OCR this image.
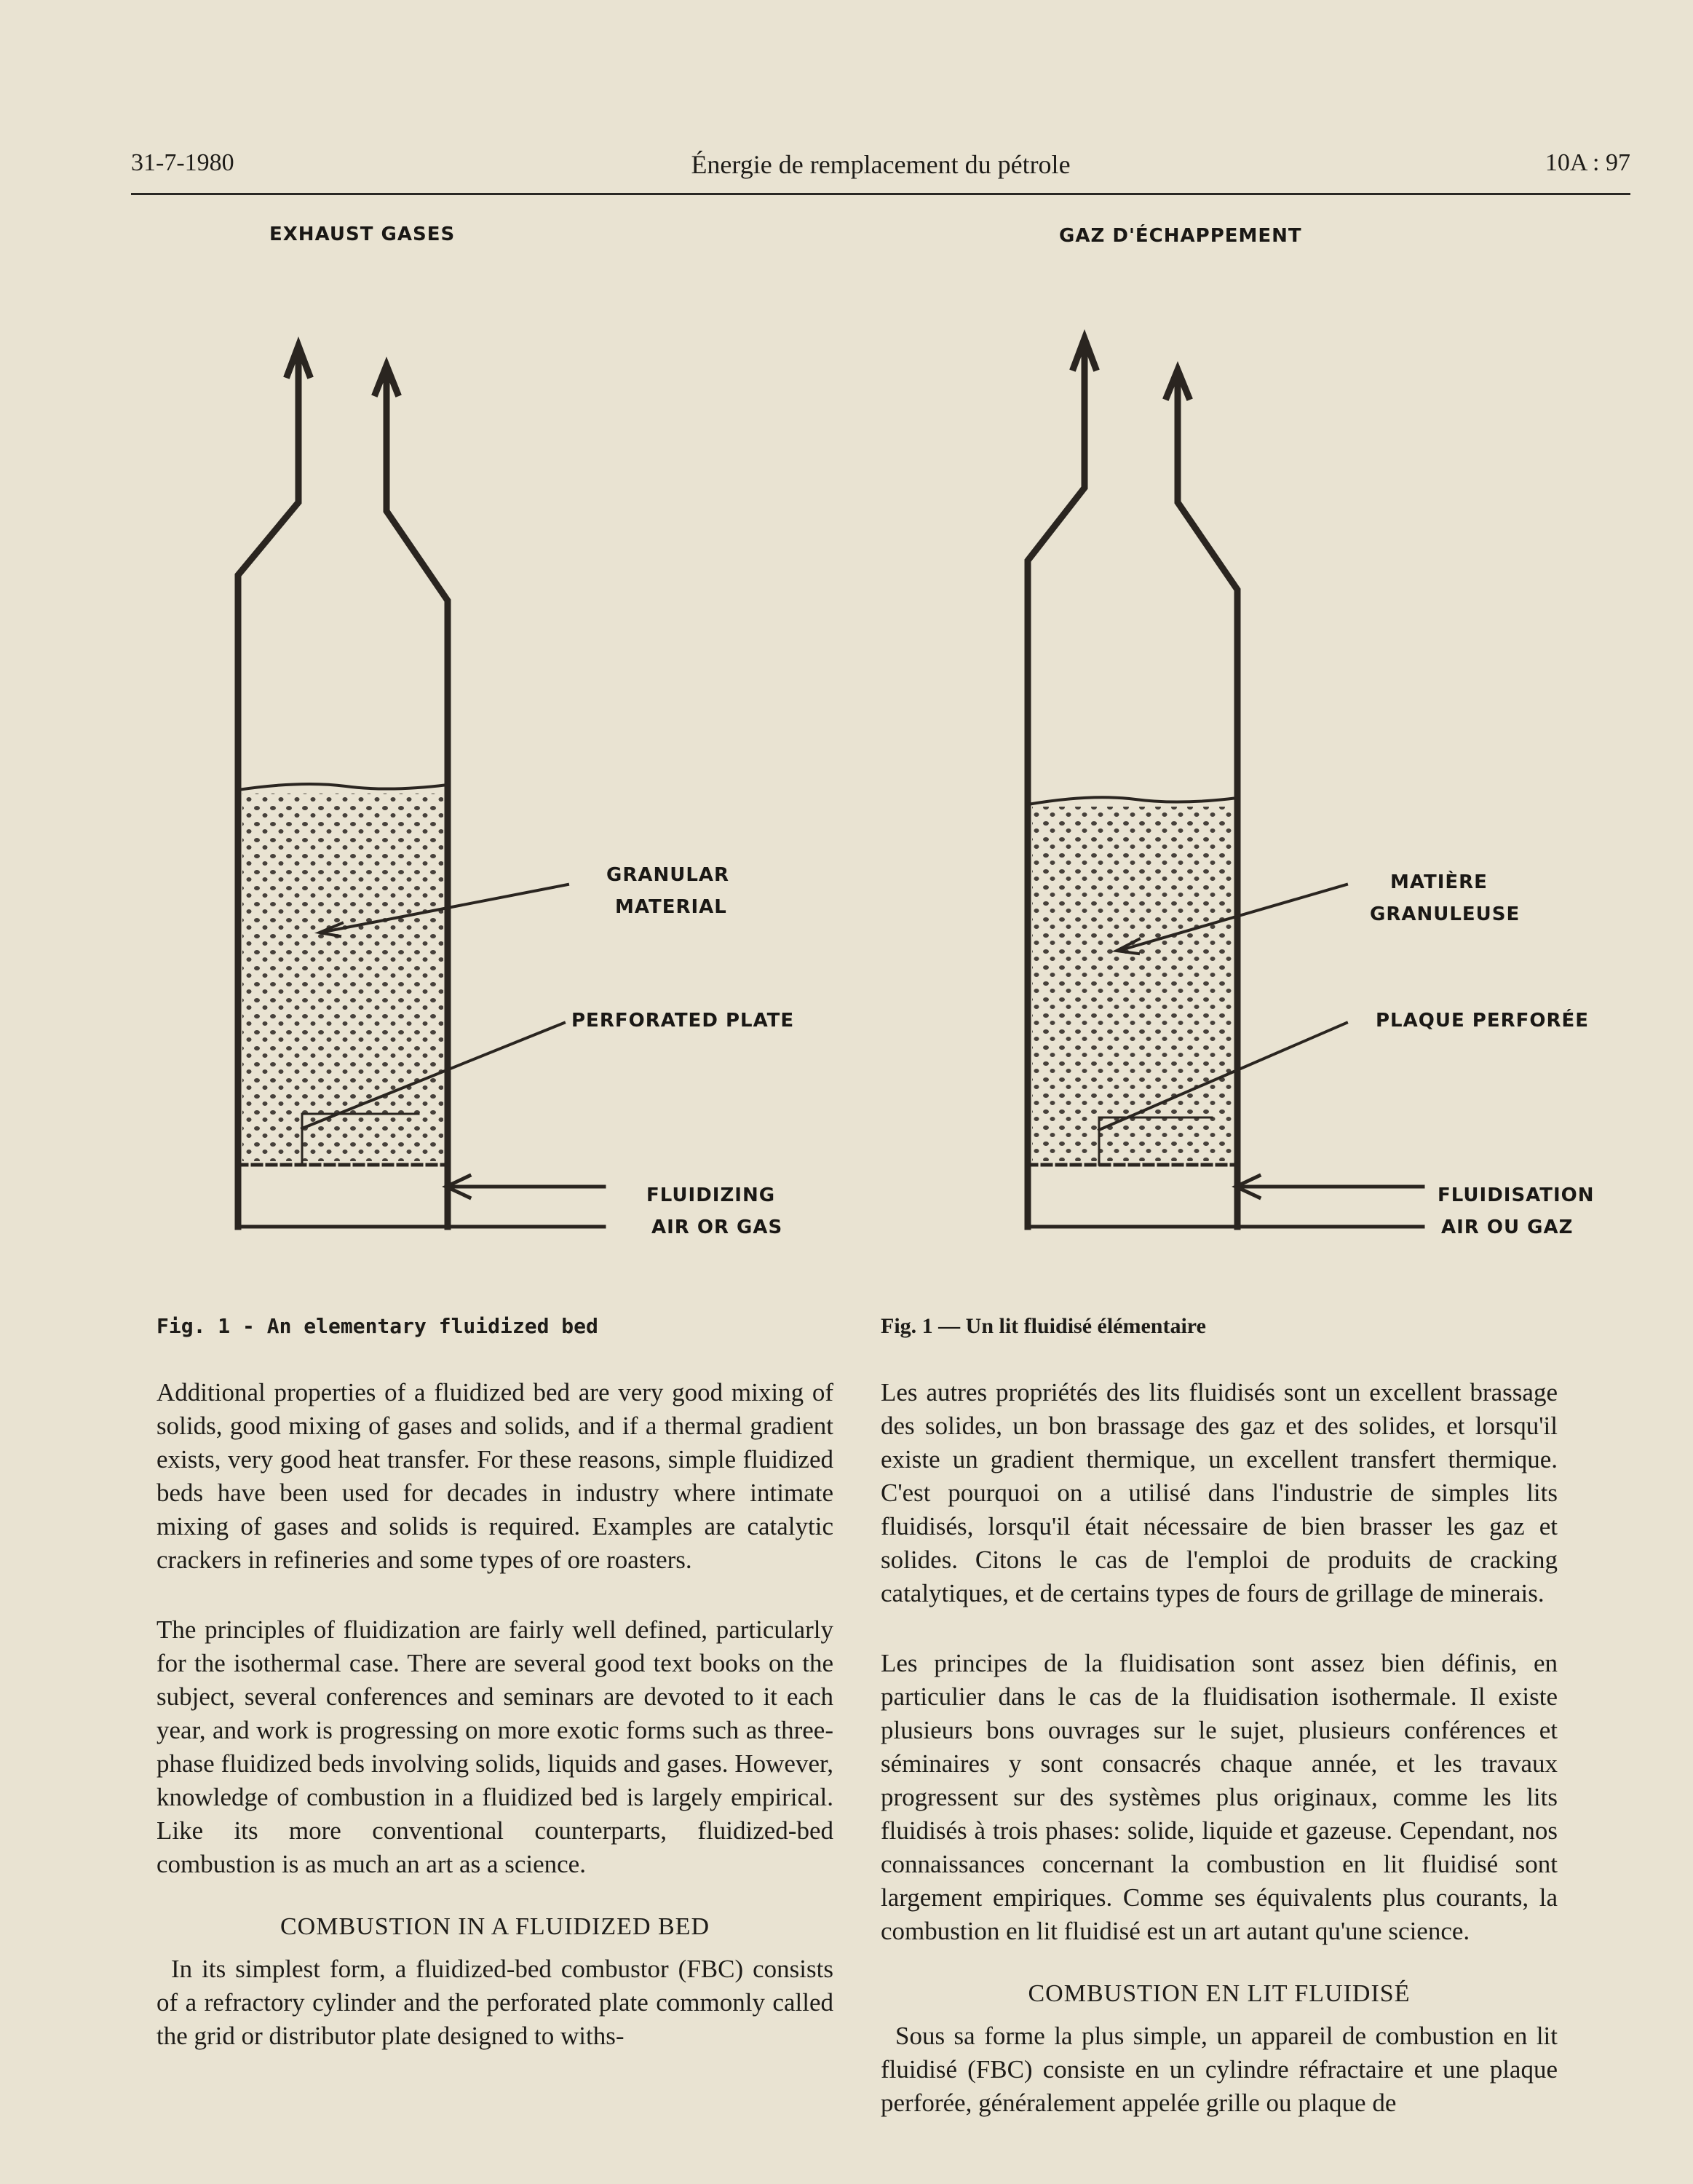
31-7-1980	Énergie de remplacement du pétrole	10A : 97
EXHAUST GASES
GRANULAR
MATERIAL
PERFORATED PLATE
FLUIDIZING
AIR OR GAS
Fig. 1 - An elementary fluidized bed

Additional properties of a fluidized bed are very good mixing of solids, good mixing of gases and solids, and if a thermal gradient exists, very good heat transfer. For these reasons, simple fluidized beds have been used for decades in industry where intimate mixing of gases and solids is required. Examples are catalytic crackers in refineries and some types of ore roasters.

The principles of fluidization are fairly well defined, particularly for the isothermal case. There are several good text books on the subject, several conferences and seminars are devoted to it each year, and work is progressing on more exotic forms such as three-phase fluidized beds involving solids, liquids and gases. However, knowledge of combustion in a fluidized bed is largely empirical. Like its more conventional counterparts, fluidized-bed combustion is as much an art as a science.

COMBUSTION IN A FLUIDIZED BED

In its simplest form, a fluidized-bed combustor (FBC) consists of a refractory cylinder and the perforated plate commonly called the grid or distributor plate designed to withs-

GAZ D'ÉCHAPPEMENT
MATIÈRE
GRANULEUSE
PLAQUE PERFORÉE
FLUIDISATION
AIR OU GAZ
Fig. 1 — Un lit fluidisé élémentaire

Les autres propriétés des lits fluidisés sont un excellent brassage des solides, un bon brassage des gaz et des solides, et lorsqu'il existe un gradient thermique, un excellent transfert thermique. C'est pourquoi on a utilisé dans l'industrie de simples lits fluidisés, lorsqu'il était nécessaire de bien brasser les gaz et solides. Citons le cas de l'emploi de produits de cracking catalytiques, et de certains types de fours de grillage de minerais.

Les principes de la fluidisation sont assez bien définis, en particulier dans le cas de la fluidisation isothermale. Il existe plusieurs bons ouvrages sur le sujet, plusieurs conférences et séminaires y sont consacrés chaque année, et les travaux progressent sur des systèmes plus originaux, comme les lits fluidisés à trois phases: solide, liquide et gazeuse. Cependant, nos connaissances concernant la combustion en lit fluidisé sont largement empiriques. Comme ses équivalents plus courants, la combustion en lit fluidisé est un art autant qu'une science.

COMBUSTION EN LIT FLUIDISÉ

Sous sa forme la plus simple, un appareil de combustion en lit fluidisé (FBC) consiste en un cylindre réfractaire et une plaque perforée, généralement appelée grille ou plaque de
